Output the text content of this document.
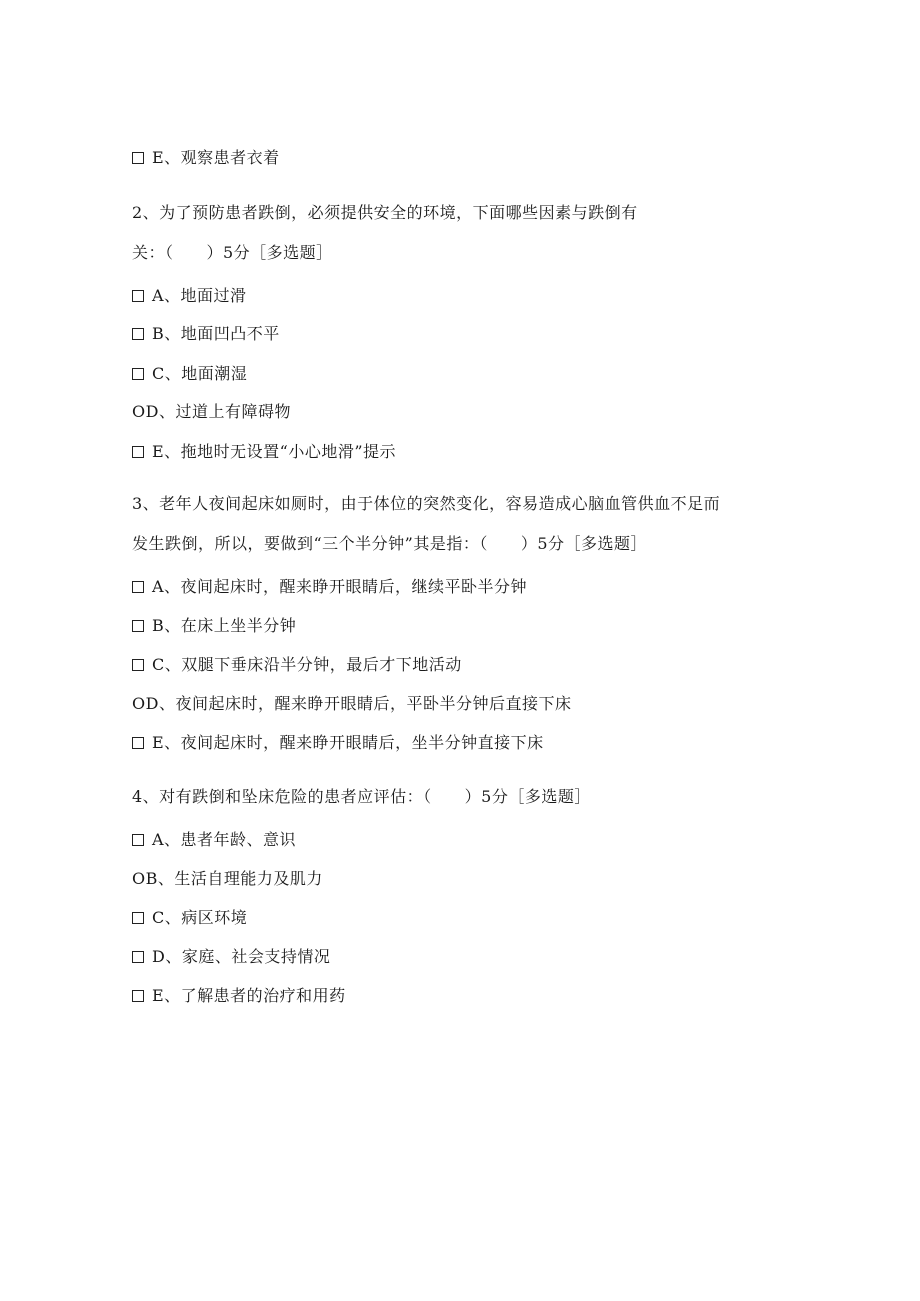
E、观察患者衣着
2、为了预防患者跌倒，必须提供安全的环境，下面哪些因素与跌倒有
关：（　　）5分［多选题］
A、地面过滑
B、地面凹凸不平
C、地面潮湿
O D、过道上有障碍物
E、拖地时无设置“小心地滑”提示
3、老年人夜间起床如厕时，由于体位的突然变化，容易造成心脑血管供血不足而
发生跌倒，所以，要做到“三个半分钟”其是指：（　　）5分［多选题］
A、夜间起床时，醒来睁开眼睛后，继续平卧半分钟
B、在床上坐半分钟
C、双腿下垂床沿半分钟，最后才下地活动
O D、夜间起床时，醒来睁开眼睛后，平卧半分钟后直接下床
E、夜间起床时，醒来睁开眼睛后，坐半分钟直接下床
4、对有跌倒和坠床危险的患者应评估：（　　）5分［多选题］
A、患者年龄、意识
O B、生活自理能力及肌力
C、病区环境
D、家庭、社会支持情况
E、了解患者的治疗和用药
